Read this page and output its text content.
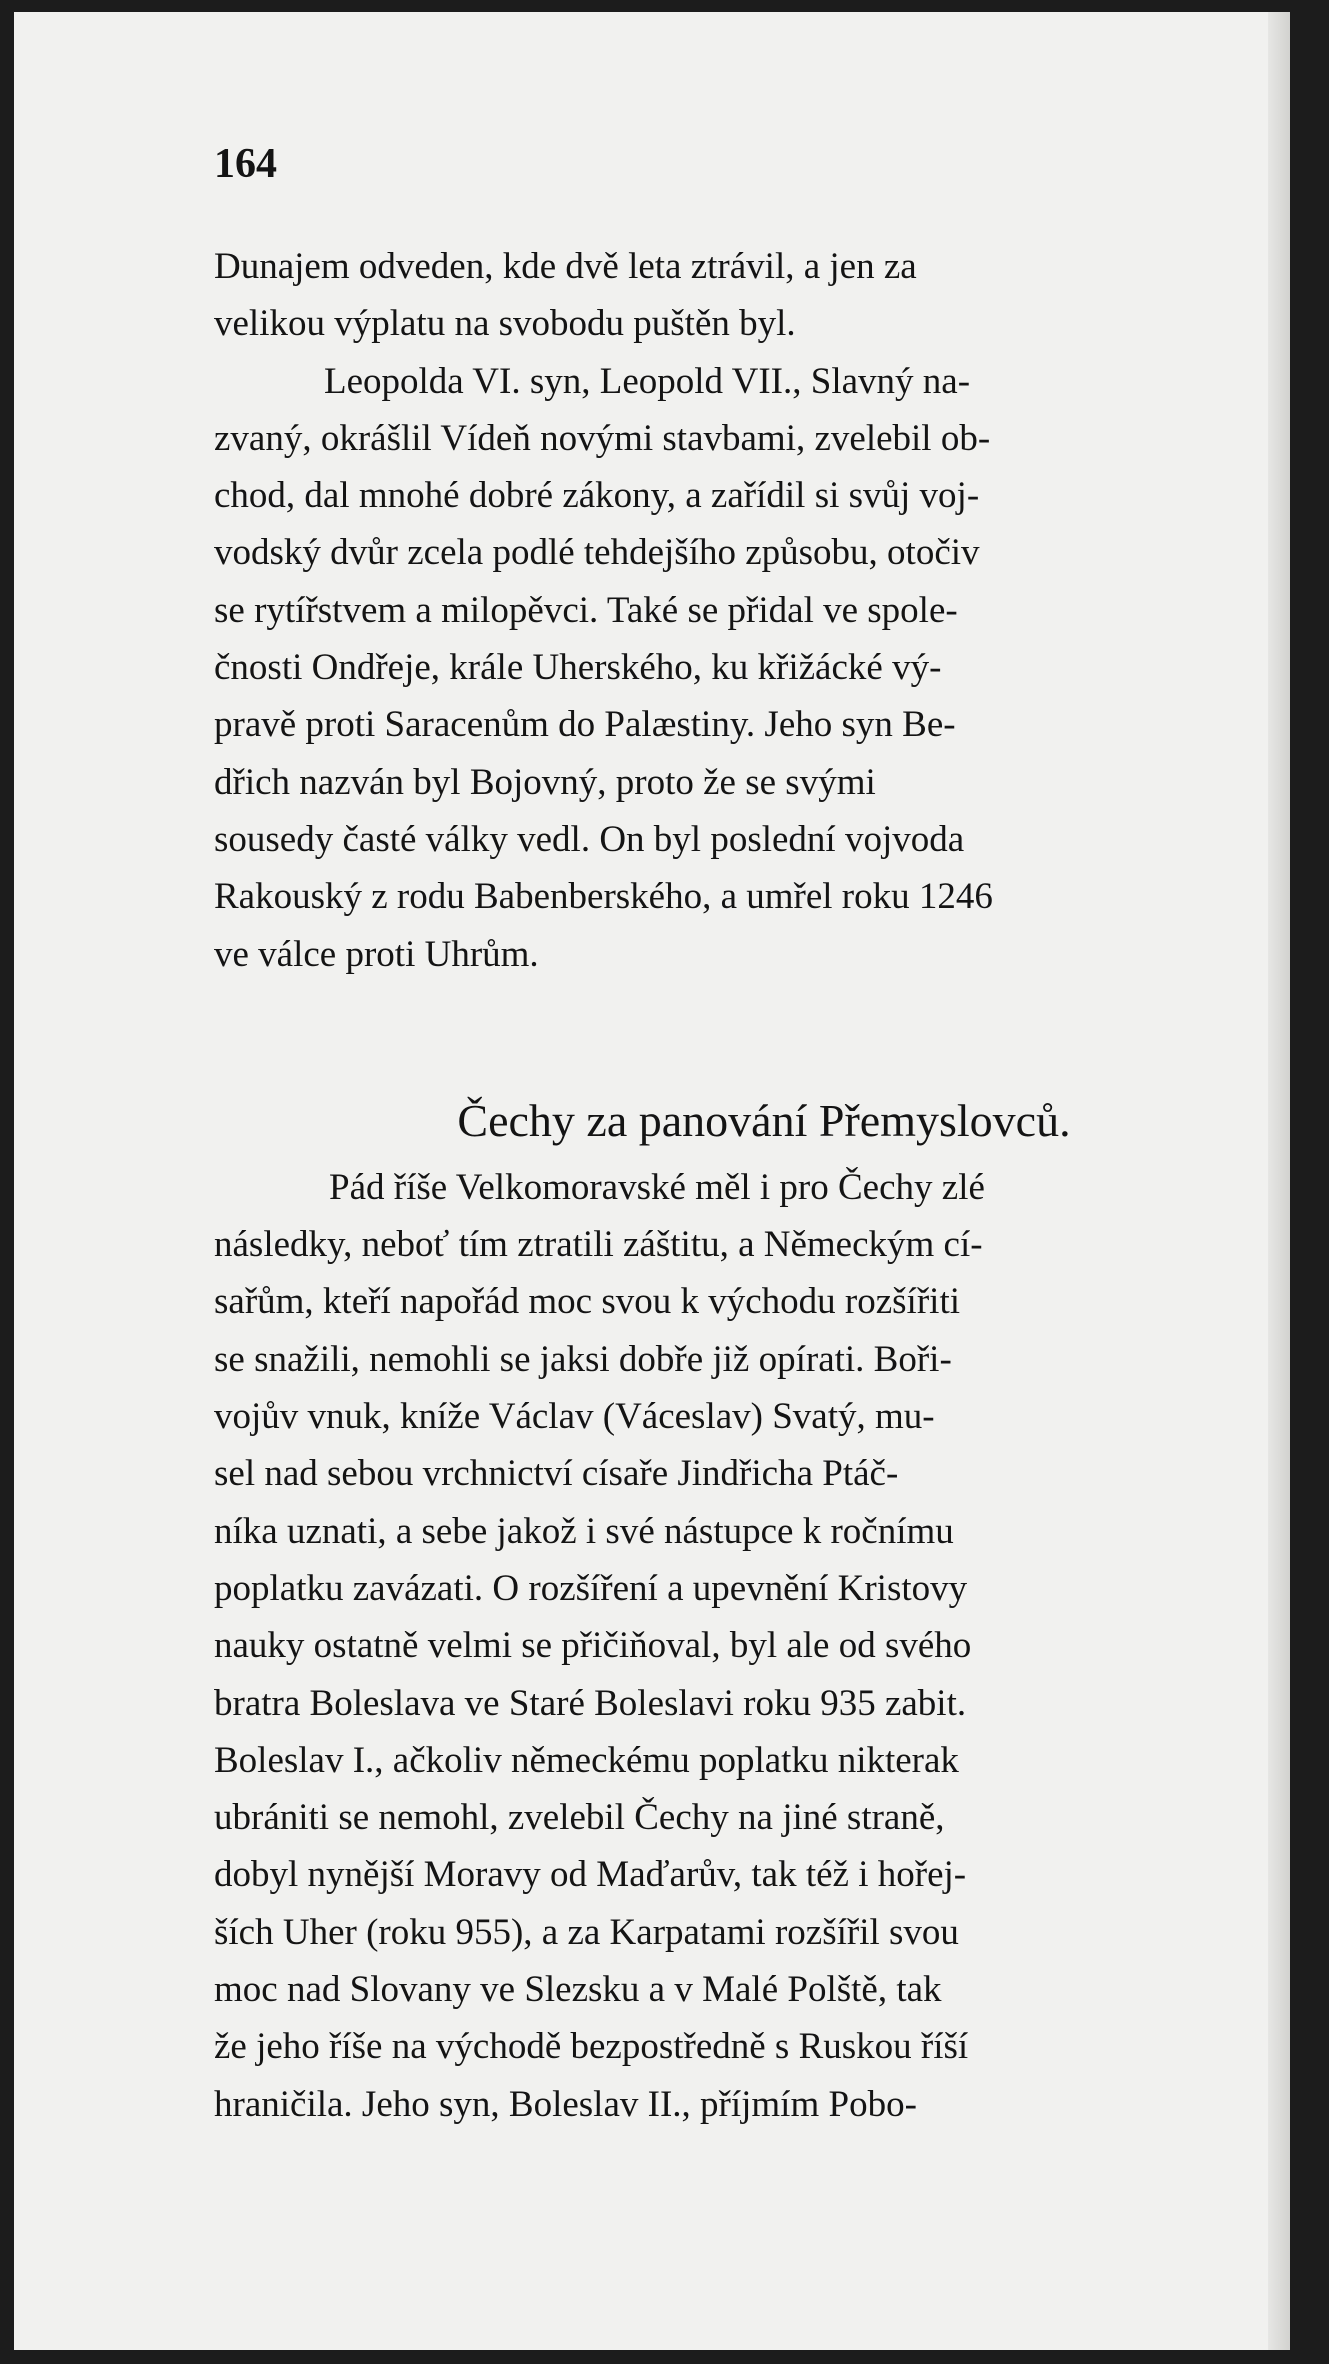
164
Dunajem odveden, kde dvě leta ztrávil, a jen za
velikou výplatu na svobodu puštěn byl.
Leopolda VI. syn, Leopold VII., Slavný na-
zvaný, okrášlil Vídeň novými stavbami, zvelebil ob-
chod, dal mnohé dobré zákony, a zařídil si svůj voj-
vodský dvůr zcela podlé tehdejšího způsobu, otočiv
se rytířstvem a milopěvci. Také se přidal ve spole-
čnosti Ondřeje, krále Uherského, ku křižácké vý-
pravě proti Saracenům do Palæstiny. Jeho syn Be-
dřich nazván byl Bojovný, proto že se svými
sousedy časté války vedl. On byl poslední vojvoda
Rakouský z rodu Babenberského, a umřel roku 1246
ve válce proti Uhrům.
Čechy za panování Přemyslovců.
Pád říše Velkomoravské měl i pro Čechy zlé
následky, neboť tím ztratili záštitu, a Německým cí-
sařům, kteří napořád moc svou k východu rozšířiti
se snažili, nemohli se jaksi dobře již opírati. Boři-
vojův vnuk, kníže Václav (Váceslav) Svatý, mu-
sel nad sebou vrchnictví císaře Jindřicha Ptáč-
níka uznati, a sebe jakož i své nástupce k ročnímu
poplatku zavázati. O rozšíření a upevnění Kristovy
nauky ostatně velmi se přičiňoval, byl ale od svého
bratra Boleslava ve Staré Boleslavi roku 935 zabit.
Boleslav I., ačkoliv německému poplatku nikterak
ubrániti se nemohl, zvelebil Čechy na jiné straně,
dobyl nynější Moravy od Maďarův, tak též i hořej-
ších Uher (roku 955), a za Karpatami rozšířil svou
moc nad Slovany ve Slezsku a v Malé Polště, tak
že jeho říše na východě bezpostředně s Ruskou říší
hraničila. Jeho syn, Boleslav II., příjmím Pobo-
